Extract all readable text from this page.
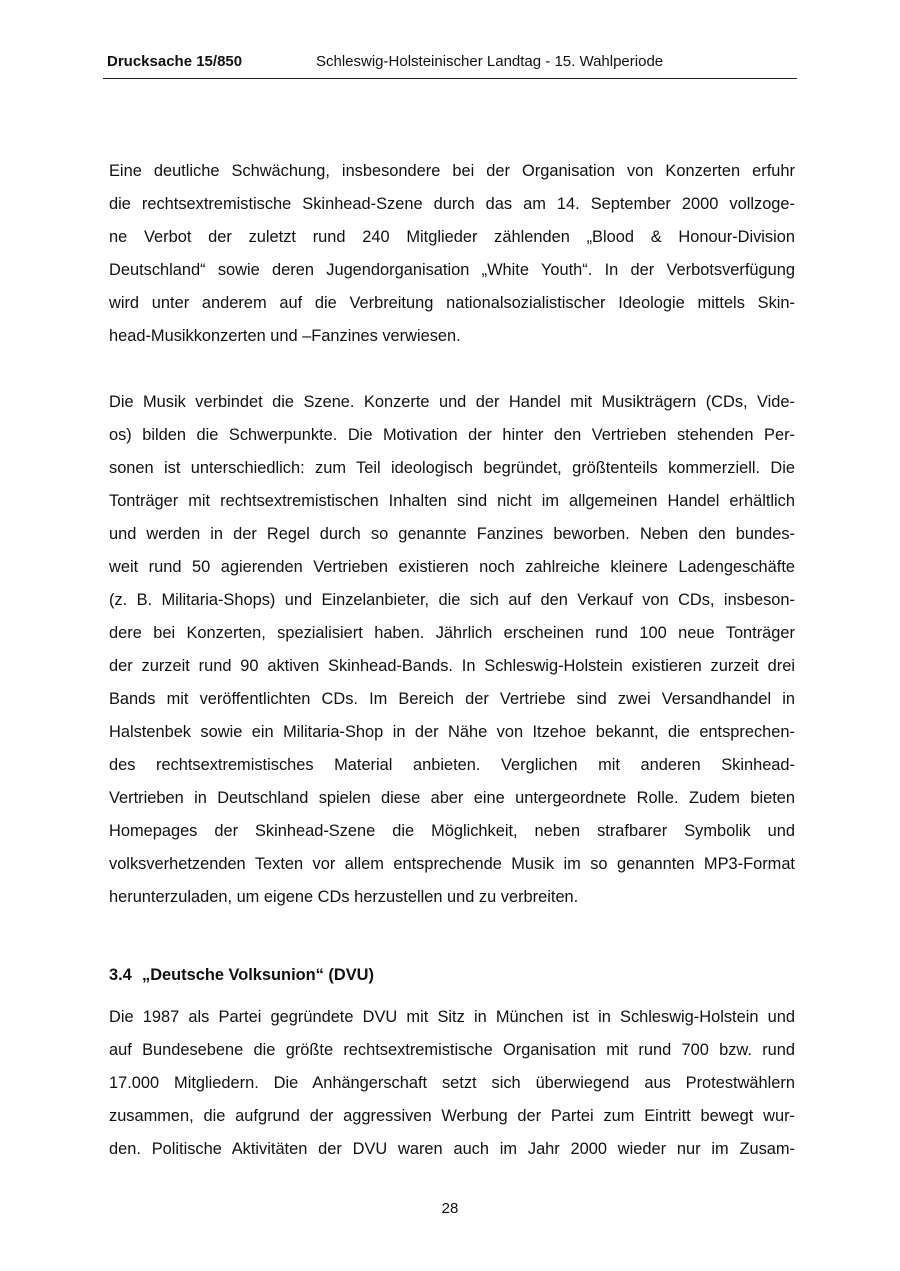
Drucksache 15/850	Schleswig-Holsteinischer Landtag - 15. Wahlperiode
Eine deutliche Schwächung, insbesondere bei der Organisation von Konzerten erfuhr
die rechtsextremistische Skinhead-Szene durch das am 14. September 2000 vollzoge-
ne Verbot der zuletzt rund 240 Mitglieder zählenden „Blood & Honour-Division
Deutschland“ sowie deren Jugendorganisation „White Youth“. In der Verbotsverfügung
wird unter anderem auf die Verbreitung nationalsozialistischer Ideologie mittels Skin-
head-Musikkonzerten und –Fanzines verwiesen.
Die Musik verbindet die Szene. Konzerte und der Handel mit Musikträgern (CDs, Vide-
os) bilden die Schwerpunkte. Die Motivation der hinter den Vertrieben stehenden Per-
sonen ist unterschiedlich: zum Teil ideologisch begründet, größtenteils kommerziell. Die
Tonträger mit rechtsextremistischen Inhalten sind nicht im allgemeinen Handel erhältlich
und werden in der Regel durch so genannte Fanzines beworben. Neben den bundes-
weit rund 50 agierenden Vertrieben existieren noch zahlreiche kleinere Ladengeschäfte
(z. B. Militaria-Shops) und Einzelanbieter, die sich auf den Verkauf von CDs, insbeson-
dere bei Konzerten, spezialisiert haben. Jährlich erscheinen rund 100 neue Tonträger
der zurzeit rund 90 aktiven Skinhead-Bands. In Schleswig-Holstein existieren zurzeit drei
Bands mit veröffentlichten CDs. Im Bereich der Vertriebe sind zwei Versandhandel in
Halstenbek sowie ein Militaria-Shop in der Nähe von Itzehoe bekannt, die entsprechen-
des rechtsextremistisches Material anbieten. Verglichen mit anderen Skinhead-
Vertrieben in Deutschland spielen diese aber eine untergeordnete Rolle. Zudem bieten
Homepages der Skinhead-Szene die Möglichkeit, neben strafbarer Symbolik und
volksverhetzenden Texten vor allem entsprechende Musik im so genannten MP3-Format
herunterzuladen, um eigene CDs herzustellen und zu verbreiten.
3.4 „Deutsche Volksunion“ (DVU)
Die 1987 als Partei gegründete DVU mit Sitz in München ist in Schleswig-Holstein und
auf Bundesebene die größte rechtsextremistische Organisation mit rund 700 bzw. rund
17.000 Mitgliedern. Die Anhängerschaft setzt sich überwiegend aus Protestwählern
zusammen, die aufgrund der aggressiven Werbung der Partei zum Eintritt bewegt wur-
den. Politische Aktivitäten der DVU waren auch im Jahr 2000 wieder nur im Zusam-
28
